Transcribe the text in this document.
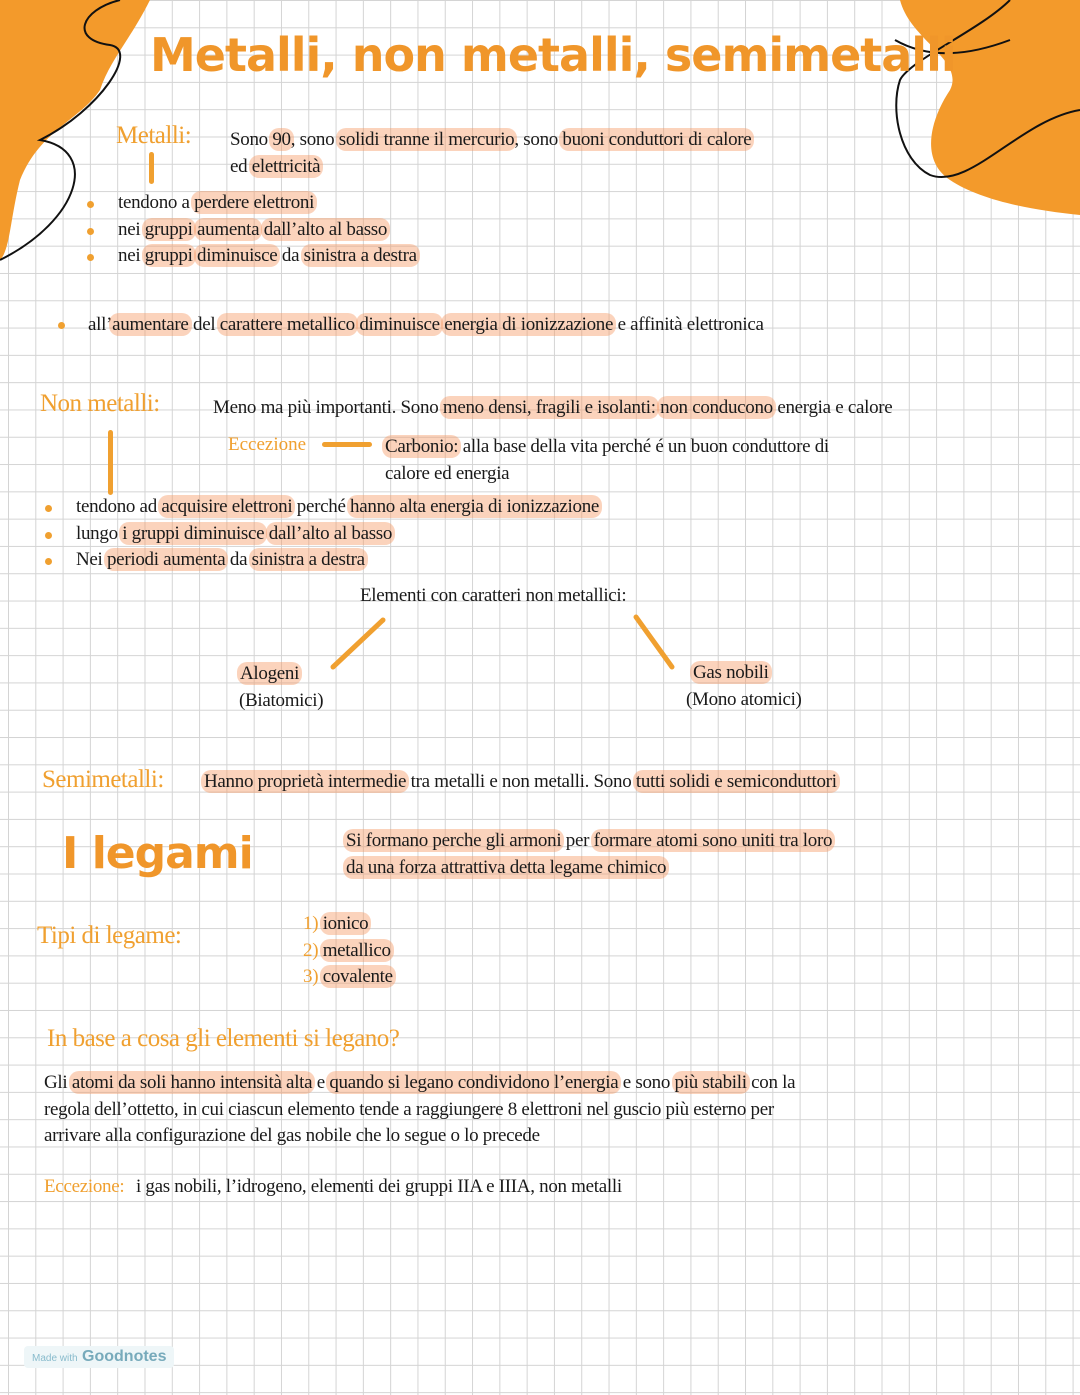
Metalli, non metalli, semimetalli
Metalli: Sono 90, sono solidi tranne il mercurio, sono buoni conduttori di calore
ed elettricità
tendono a perdere elettroni
nei gruppi aumenta dall’alto al basso
nei gruppi diminuisce da sinistra a destra
all’aumentare del carattere metallico diminuisce energia di ionizzazione e affinità elettronica
Non metalli:	Meno ma più importanti. Sono meno densi, fragili e isolanti: non conducono energia e calore
Eccezione	Carbonio: alla base della vita perché é un buon conduttore di
calore ed energia
tendono ad acquisire elettroni perché hanno alta energia di ionizzazione
lungo i gruppi diminuisce dall’alto al basso
Nei periodi aumenta da sinistra a destra
Elementi con caratteri non metallici:
Alogeni
(Biatomici)
Gas nobili
(Mono atomici)
Semimetalli: Hanno proprietà intermedie tra metalli e non metalli. Sono tutti solidi e semiconduttori
I legami	Si formano perche gli armoni per formare atomi sono uniti tra loro
da una forza attrattiva detta legame chimico
Tipi di legame:	1) ionico
2) metallico
3) covalente
In base a cosa gli elementi si legano?
Gli atomi da soli hanno intensità alta e quando si legano condividono l’energia e sono più stabili con la
regola dell’ottetto, in cui ciascun elemento tende a raggiungere 8 elettroni nel guscio più esterno per
arrivare alla configurazione del gas nobile che lo segue o lo precede
Eccezione: i gas nobili, l’idrogeno, elementi dei gruppi IIA e IIIA, non metalli
Made with Goodnotes
